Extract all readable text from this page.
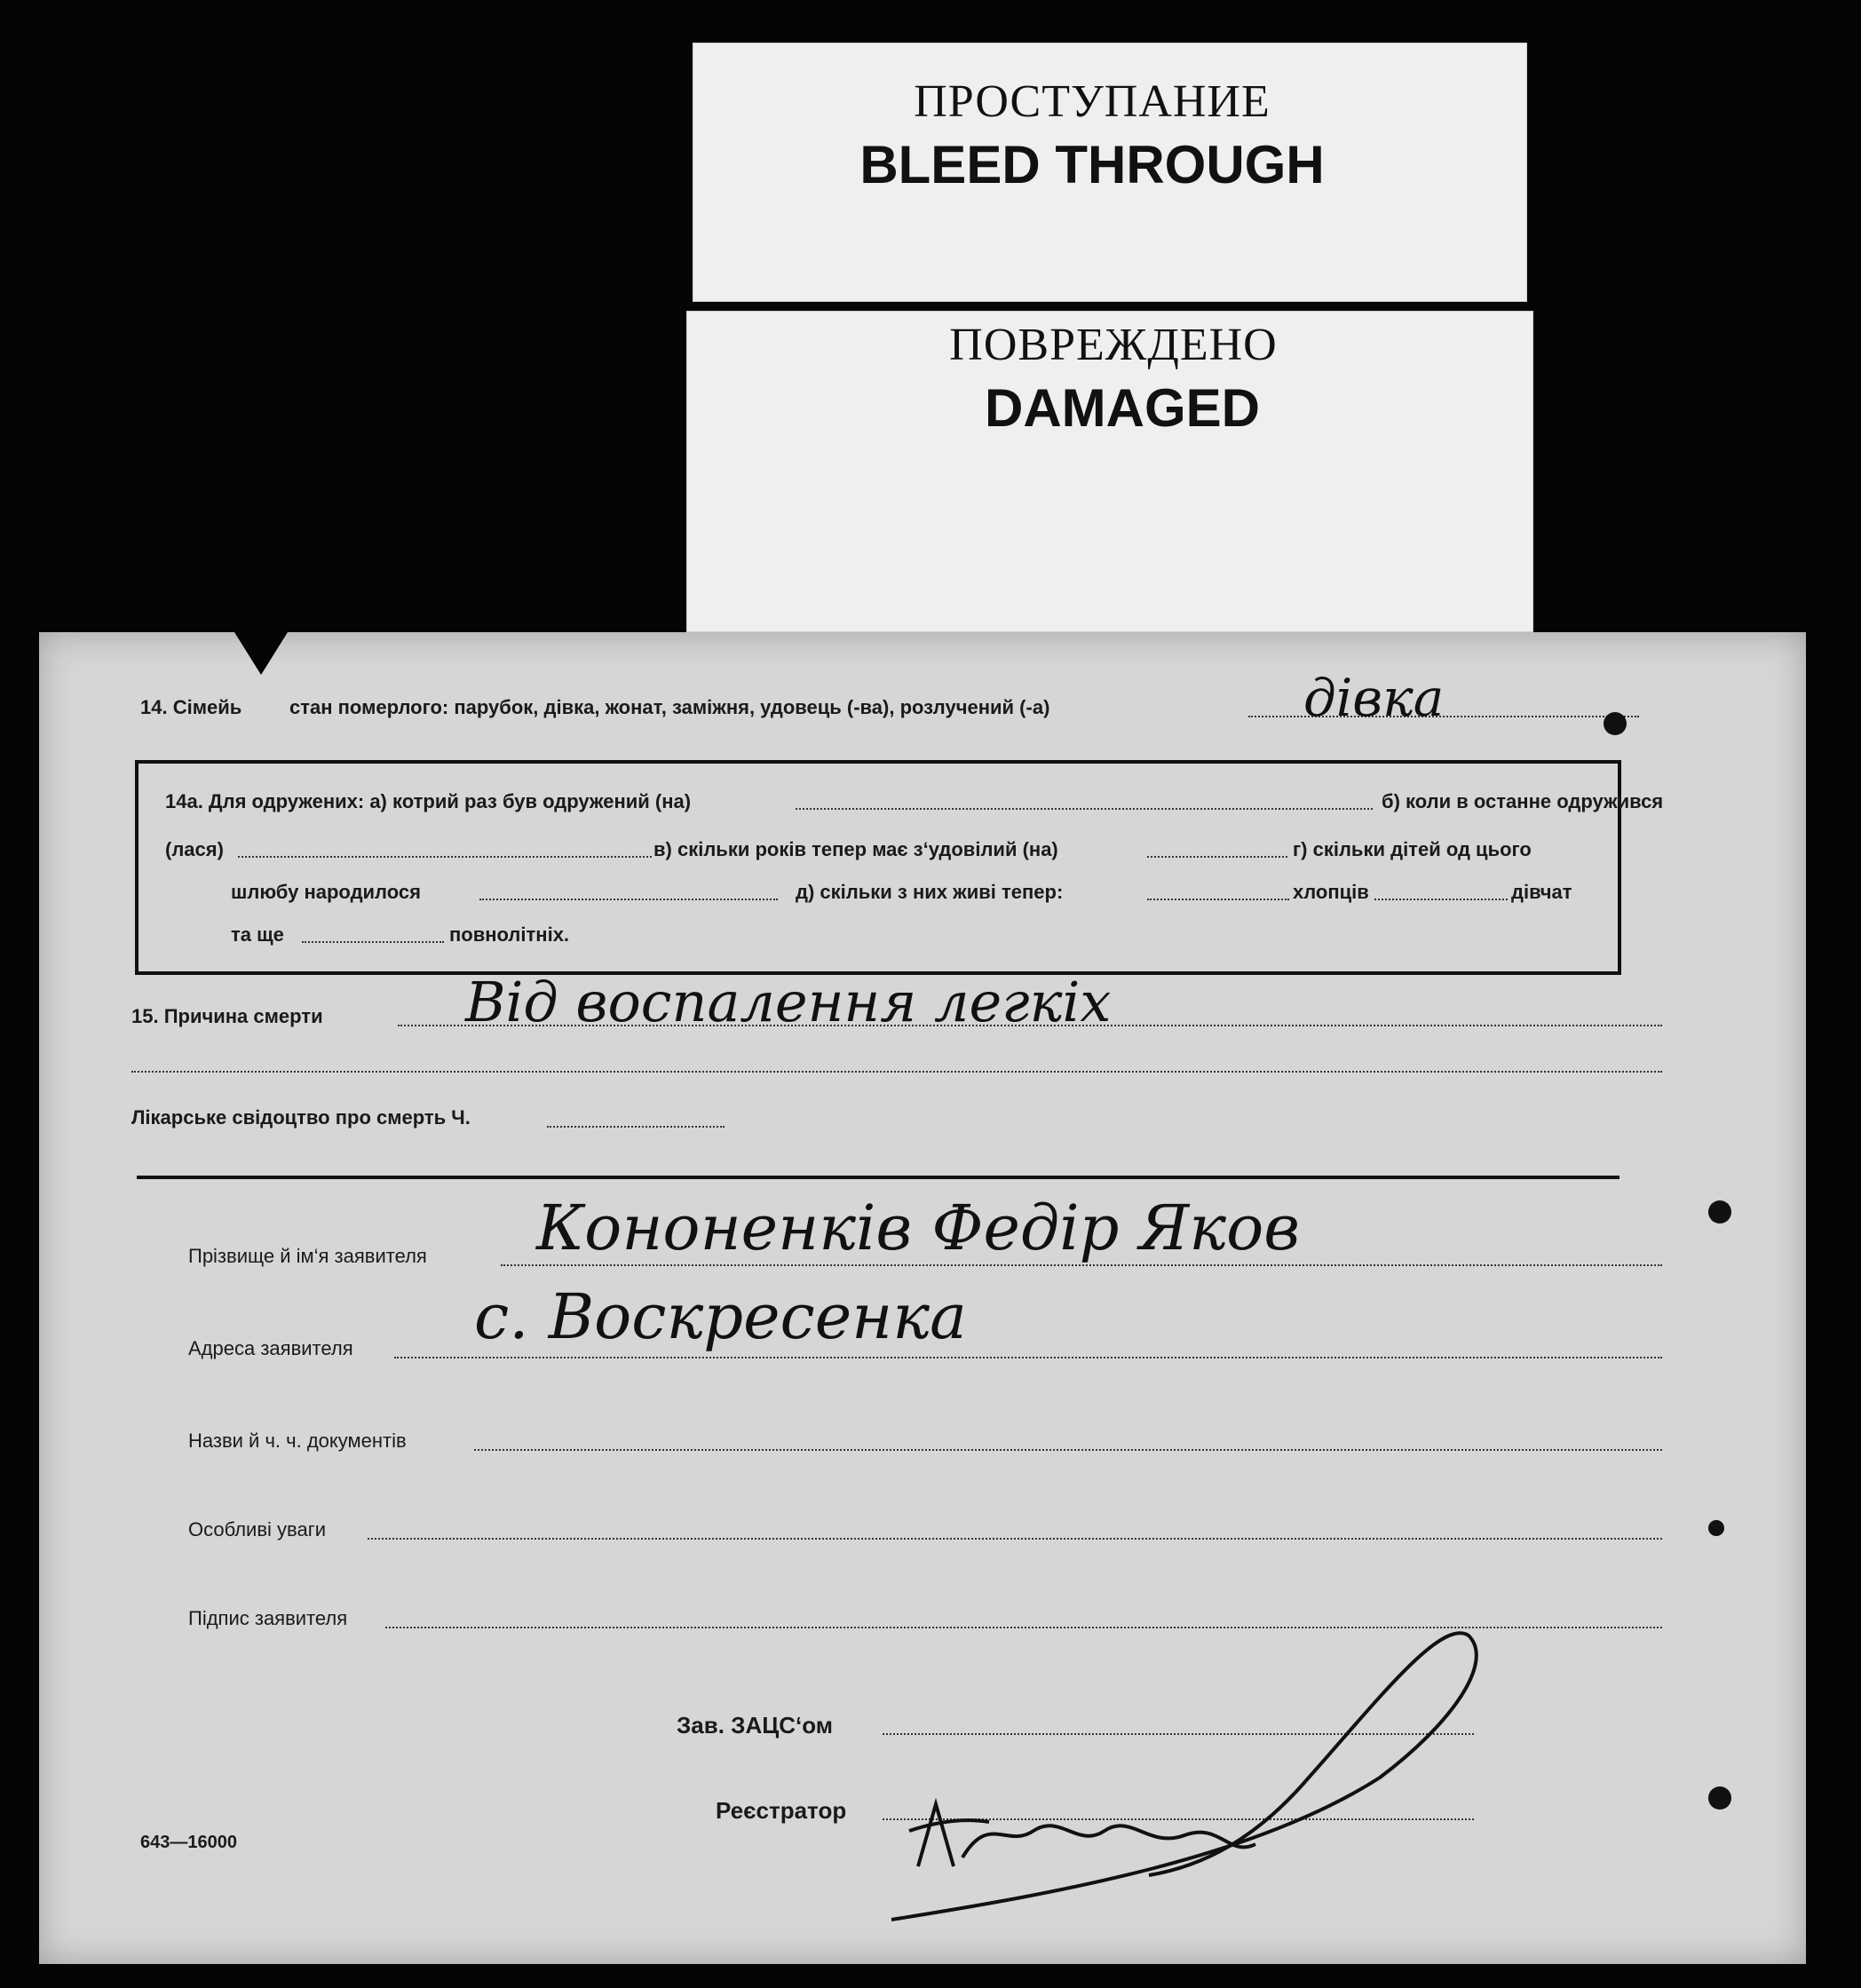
ПРОСТУПАНИЕ
BLEED THROUGH
ПОВРЕЖДЕНО
DAMAGED
14. Сімейь стан померлого: парубок, дівка, жонат, заміжня, удовець (-ва), розлучений (-а)	дівка
14а. Для одружених: а) котрий раз був одружений (на)	б) коли в останне одружився
(лася)	в) скільки років тепер має з‘удовілий (на)	г) скільки дітей од цього
шлюбу народилося	д) скільки з них живі тепер:	хлопців	дівчат
та ще	повнолітніх.
15. Причина смерти	Від воспалення легкіх
Лікарське свідоцтво про смерть Ч.
Прізвище й ім‘я заявителя Кононенків Федір Яков
Адреса заявителя с. Воскресенка
Назви й ч. ч. документів
Особливі уваги
Підпис заявителя
Зав. ЗАЦС‘ом
Реєстратор
643—16000
